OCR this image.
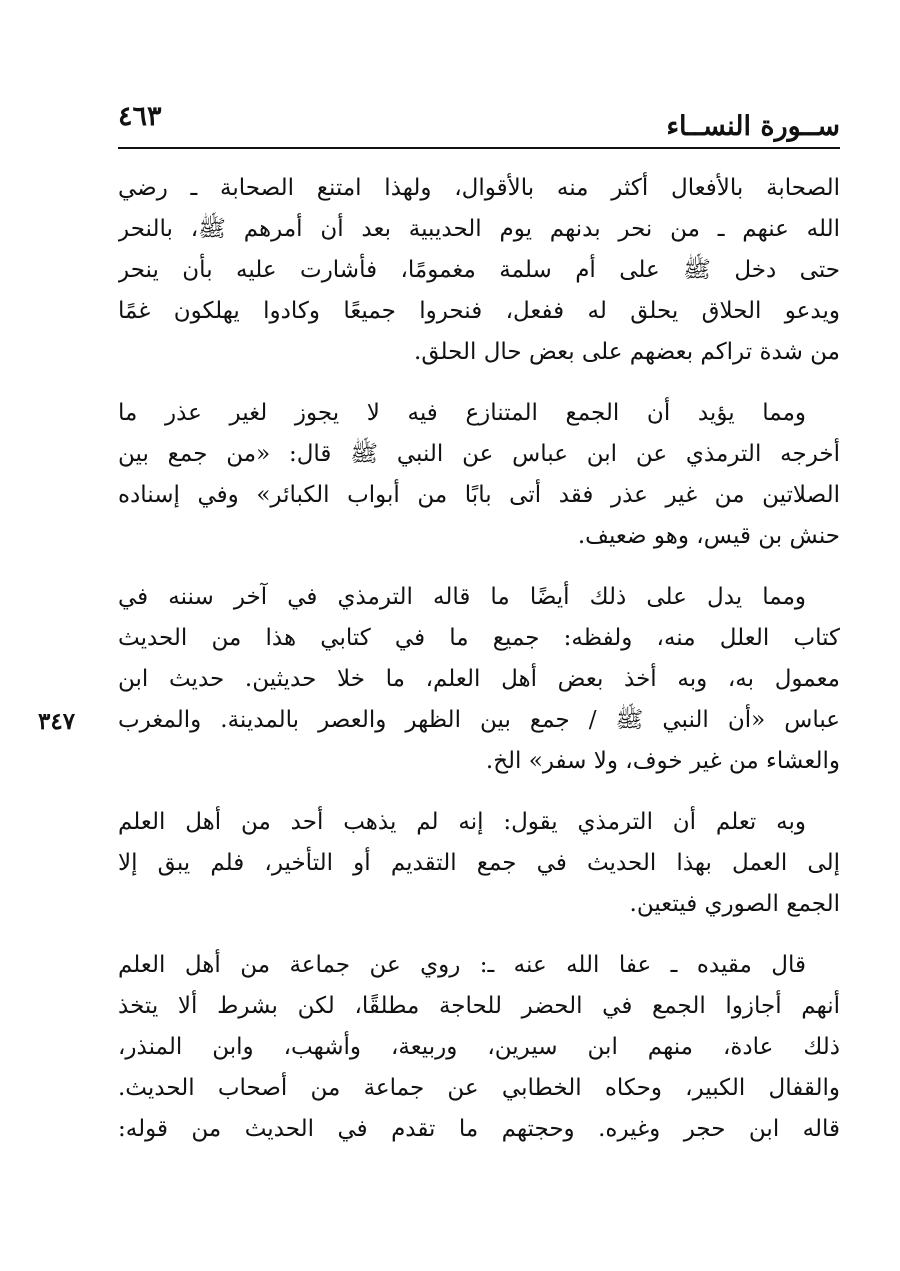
ســورة النســاء
٤٦٣
٣٤٧
الصحابة بالأفعال أكثر منه بالأقوال، ولهذا امتنع الصحابة ـ رضي
الله عنهم ـ من نحر بدنهم يوم الحديبية بعد أن أمرهم ﷺ، بالنحر
حتى دخل ﷺ على أم سلمة مغمومًا، فأشارت عليه بأن ينحر
ويدعو الحلاق يحلق له ففعل، فنحروا جميعًا وكادوا يهلكون غمًا
من شدة تراكم بعضهم على بعض حال الحلق.
ومما يؤيد أن الجمع المتنازع فيه لا يجوز لغير عذر ما
أخرجه الترمذي عن ابن عباس عن النبي ﷺ قال: «من جمع بين
الصلاتين من غير عذر فقد أتى بابًا من أبواب الكبائر» وفي إسناده
حنش بن قيس، وهو ضعيف.
ومما يدل على ذلك أيضًا ما قاله الترمذي في آخر سننه في
كتاب العلل منه، ولفظه: جميع ما في كتابي هذا من الحديث
معمول به، وبه أخذ بعض أهل العلم، ما خلا حديثين. حديث ابن
عباس «أن النبي ﷺ / جمع بين الظهر والعصر بالمدينة. والمغرب
والعشاء من غير خوف، ولا سفر» الخ.
وبه تعلم أن الترمذي يقول: إنه لم يذهب أحد من أهل العلم
إلى العمل بهذا الحديث في جمع التقديم أو التأخير، فلم يبق إلا
الجمع الصوري فيتعين.
قال مقيده ـ عفا الله عنه ـ: روي عن جماعة من أهل العلم
أنهم أجازوا الجمع في الحضر للحاجة مطلقًا، لكن بشرط ألا يتخذ
ذلك عادة، منهم ابن سيرين، وربيعة، وأشهب، وابن المنذر،
والقفال الكبير، وحكاه الخطابي عن جماعة من أصحاب الحديث.
قاله ابن حجر وغيره. وحجتهم ما تقدم في الحديث من قوله:
